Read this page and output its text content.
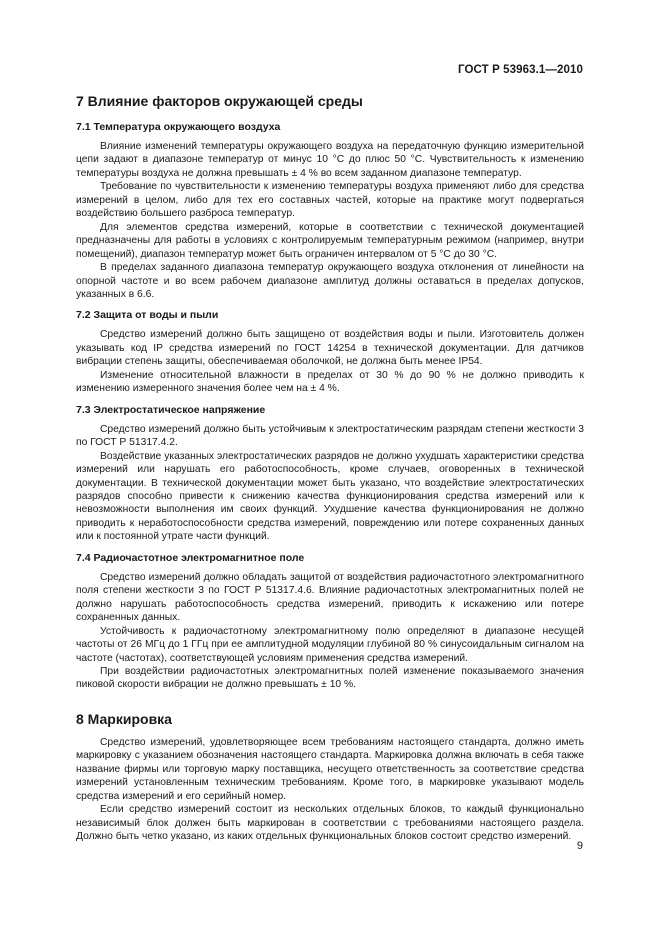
ГОСТ Р 53963.1—2010
7 Влияние факторов окружающей среды
7.1 Температура окружающего воздуха

Влияние изменений температуры окружающего воздуха на передаточную функцию измерительной цепи задают в диапазоне температур от минус 10 °С до плюс 50 °С. Чувствительность к изменению температуры воздуха не должна превышать ± 4 % во всем заданном диапазоне температур.

Требование по чувствительности к изменению температуры воздуха применяют либо для средства измерений в целом, либо для тех его составных частей, которые на практике могут подвергаться воздействию большего разброса температур.

Для элементов средства измерений, которые в соответствии с технической документацией предназначены для работы в условиях с контролируемым температурным режимом (например, внутри помещений), диапазон температур может быть ограничен интервалом от 5 °С до 30 °С.

В пределах заданного диапазона температур окружающего воздуха отклонения от линейности на опорной частоте и во всем рабочем диапазоне амплитуд должны оставаться в пределах допусков, указанных в 6.6.

7.2 Защита от воды и пыли

Средство измерений должно быть защищено от воздействия воды и пыли. Изготовитель должен указывать код IP средства измерений по ГОСТ 14254 в технической документации. Для датчиков вибрации степень защиты, обеспечиваемая оболочкой, не должна быть менее IP54.

Изменение относительной влажности в пределах от 30 % до 90 % не должно приводить к изменению измеренного значения более чем на ± 4 %.

7.3 Электростатическое напряжение

Средство измерений должно быть устойчивым к электростатическим разрядам степени жесткости 3 по ГОСТ Р 51317.4.2.

Воздействие указанных электростатических разрядов не должно ухудшать характеристики средства измерений или нарушать его работоспособность, кроме случаев, оговоренных в технической документации. В технической документации может быть указано, что воздействие электростатических разрядов способно привести к снижению качества функционирования средства измерений или к невозможности выполнения им своих функций. Ухудшение качества функционирования не должно приводить к неработоспособности средства измерений, повреждению или потере сохраненных данных или к постоянной утрате части функций.

7.4 Радиочастотное электромагнитное поле

Средство измерений должно обладать защитой от воздействия радиочастотного электромагнитного поля степени жесткости 3 по ГОСТ Р 51317.4.6. Влияние радиочастотных электромагнитных полей не должно нарушать работоспособность средства измерений, приводить к искажению или потере сохраненных данных.

Устойчивость к радиочастотному электромагнитному полю определяют в диапазоне несущей частоты от 26 МГц до 1 ГГц при ее амплитудной модуляции глубиной 80 % синусоидальным сигналом на частоте (частотах), соответствующей условиям применения средства измерений.

При воздействии радиочастотных электромагнитных полей изменение показываемого значения пиковой скорости вибрации не должно превышать ± 10 %.

8 Маркировка

Средство измерений, удовлетворяющее всем требованиям настоящего стандарта, должно иметь маркировку с указанием обозначения настоящего стандарта. Маркировка должна включать в себя также название фирмы или торговую марку поставщика, несущего ответственность за соответствие средства измерений установленным техническим требованиям. Кроме того, в маркировке указывают модель средства измерений и его серийный номер.

Если средство измерений состоит из нескольких отдельных блоков, то каждый функционально независимый блок должен быть маркирован в соответствии с требованиями настоящего раздела. Должно быть четко указано, из каких отдельных функциональных блоков состоит средство измерений.

9
